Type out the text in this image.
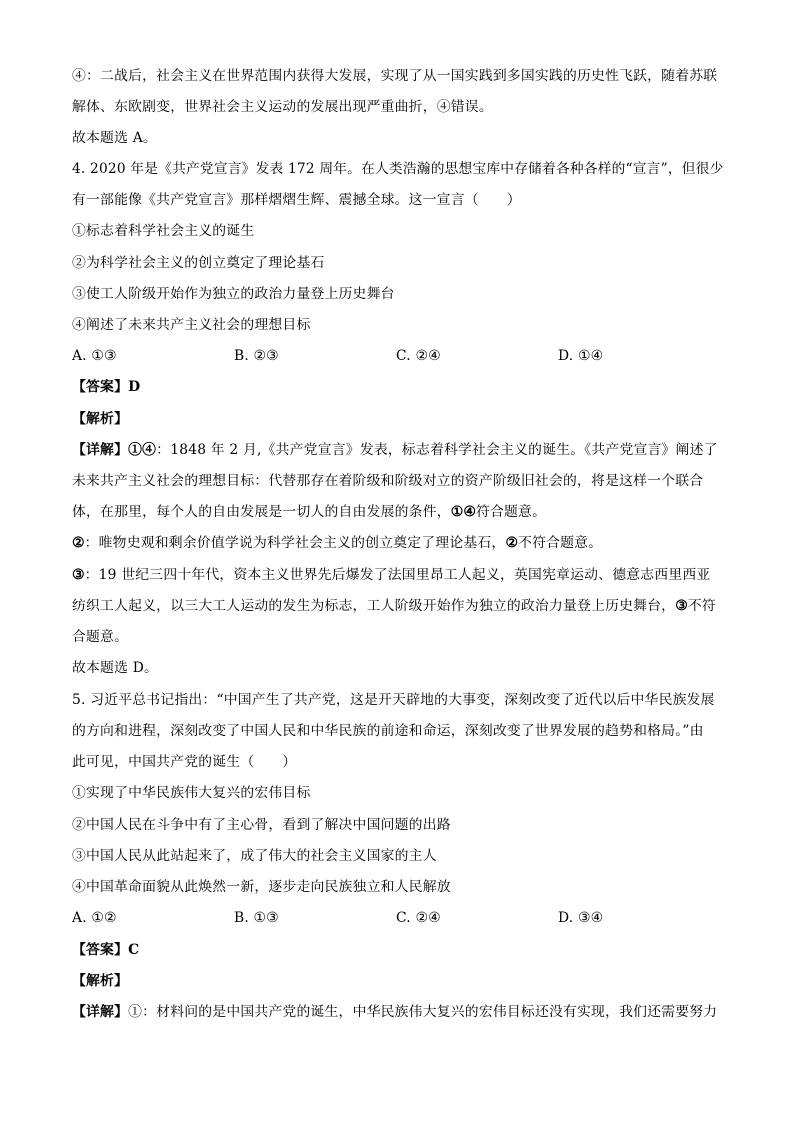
④：二战后，社会主义在世界范围内获得大发展，实现了从一国实践到多国实践的历史性飞跃，随着苏联
解体、东欧剧变，世界社会主义运动的发展出现严重曲折，④错误。
故本题选 A。
4. 2020 年是《共产党宣言》发表 172 周年。在人类浩瀚的思想宝库中存储着各种各样的“宣言”，但很少
有一部能像《共产党宣言》那样熠熠生辉、震撼全球。这一宣言（　　）
①标志着科学社会主义的诞生
②为科学社会主义的创立奠定了理论基石
③使工人阶级开始作为独立的政治力量登上历史舞台
④阐述了未来共产主义社会的理想目标
A. ①③	B. ②③	C. ②④	D. ①④
【答案】D
【解析】
【详解】①④：1848 年 2 月,《共产党宣言》发表，标志着科学社会主义的诞生。《共产党宣言》阐述了
未来共产主义社会的理想目标：代替那存在着阶级和阶级对立的资产阶级旧社会的，将是这样一个联合
体，在那里，每个人的自由发展是一切人的自由发展的条件，①④符合题意。
②：唯物史观和剩余价值学说为科学社会主义的创立奠定了理论基石，②不符合题意。
③：19 世纪三四十年代，资本主义世界先后爆发了法国里昂工人起义，英国宪章运动、德意志西里西亚
纺织工人起义，以三大工人运动的发生为标志，工人阶级开始作为独立的政治力量登上历史舞台，③不符
合题意。
故本题选 D。
5. 习近平总书记指出：“中国产生了共产党，这是开天辟地的大事变，深刻改变了近代以后中华民族发展
的方向和进程，深刻改变了中国人民和中华民族的前途和命运，深刻改变了世界发展的趋势和格局。”由
此可见，中国共产党的诞生（　　）
①实现了中华民族伟大复兴的宏伟目标
②中国人民在斗争中有了主心骨，看到了解决中国问题的出路
③中国人民从此站起来了，成了伟大的社会主义国家的主人
④中国革命面貌从此焕然一新，逐步走向民族独立和人民解放
A. ①②	B. ①③	C. ②④	D. ③④
【答案】C
【解析】
【详解】①：材料问的是中国共产党的诞生，中华民族伟大复兴的宏伟目标还没有实现，我们还需要努力
